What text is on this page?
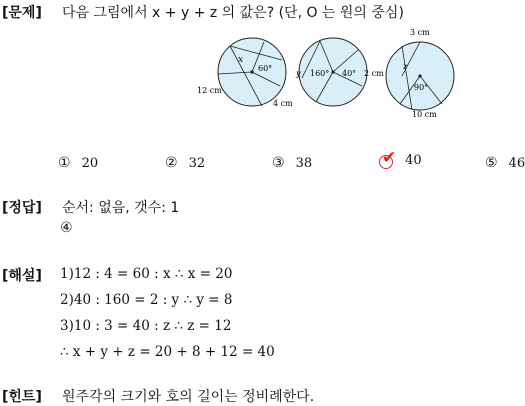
[문제] 다음 그림에서 x + y + z 의 값은? (단, O 는 원의 중심)
x
60°
12 cm
4 cm
y 160° 40° 2 cm
3 cm
z
90°
10 cm
① 20	② 32	③ 38	✔ 40	⑤ 46
[정답] 순서: 없음, 갯수: 1
④
[해설] 1)12 : 4 = 60 : x ∴ x = 20
2)40 : 160 = 2 : y ∴ y = 8
3)10 : 3 = 40 : z ∴ z = 12
∴ x + y + z = 20 + 8 + 12 = 40
[힌트] 원주각의 크기와 호의 길이는 정비례한다.
